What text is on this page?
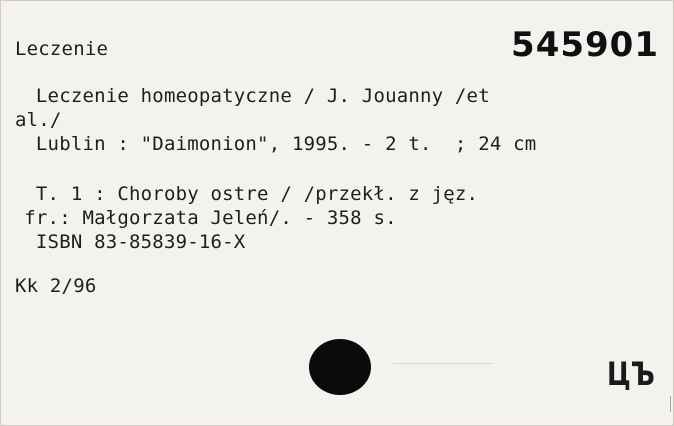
Leczenie	545901
Leczenie homeopatyczne / J. Jouanny /et
al./
Lublin : "Daimonion", 1995. - 2 t.  ; 24 cm
T. 1 : Choroby ostre / /przekł. z jęz.
fr.: Małgorzata Jeleń/. - 358 s.
ISBN 83-85839-16-X
Kk 2/96
ЦЪ
